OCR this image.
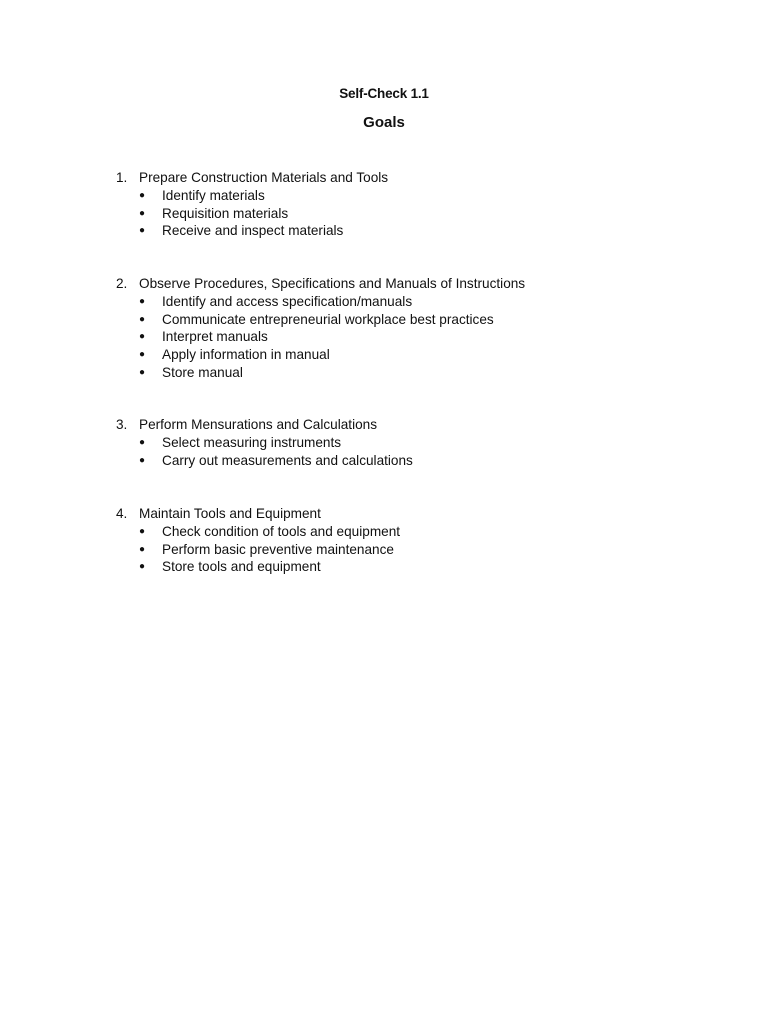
Self-Check 1.1
Goals
1. Prepare Construction Materials and Tools
● Identify materials
● Requisition materials
● Receive and inspect materials
2. Observe Procedures, Specifications and Manuals of Instructions
● Identify and access specification/manuals
● Communicate entrepreneurial workplace best practices
● Interpret manuals
● Apply information in manual
● Store manual
3. Perform Mensurations and Calculations
● Select measuring instruments
● Carry out measurements and calculations
4. Maintain Tools and Equipment
● Check condition of tools and equipment
● Perform basic preventive maintenance
● Store tools and equipment
